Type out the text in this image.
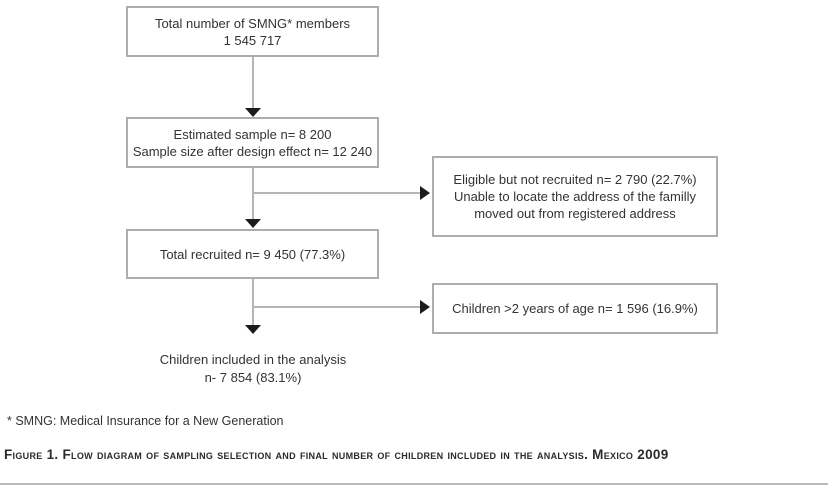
Total number of SMNG* members
1 545 717
Estimated sample n= 8 200
Sample size after design effect n= 12 240
Eligible but not recruited n= 2 790 (22.7%)
Unable to locate the address of the familly
moved out from registered address
Total recruited n= 9 450 (77.3%)
Children >2 years of age n= 1 596 (16.9%)
Children included in the analysis
n- 7 854 (83.1%)
* SMNG: Medical Insurance for a New Generation
Figure 1. Flow diagram of sampling selection and final number of children included in the analysis. Mexico 2009
